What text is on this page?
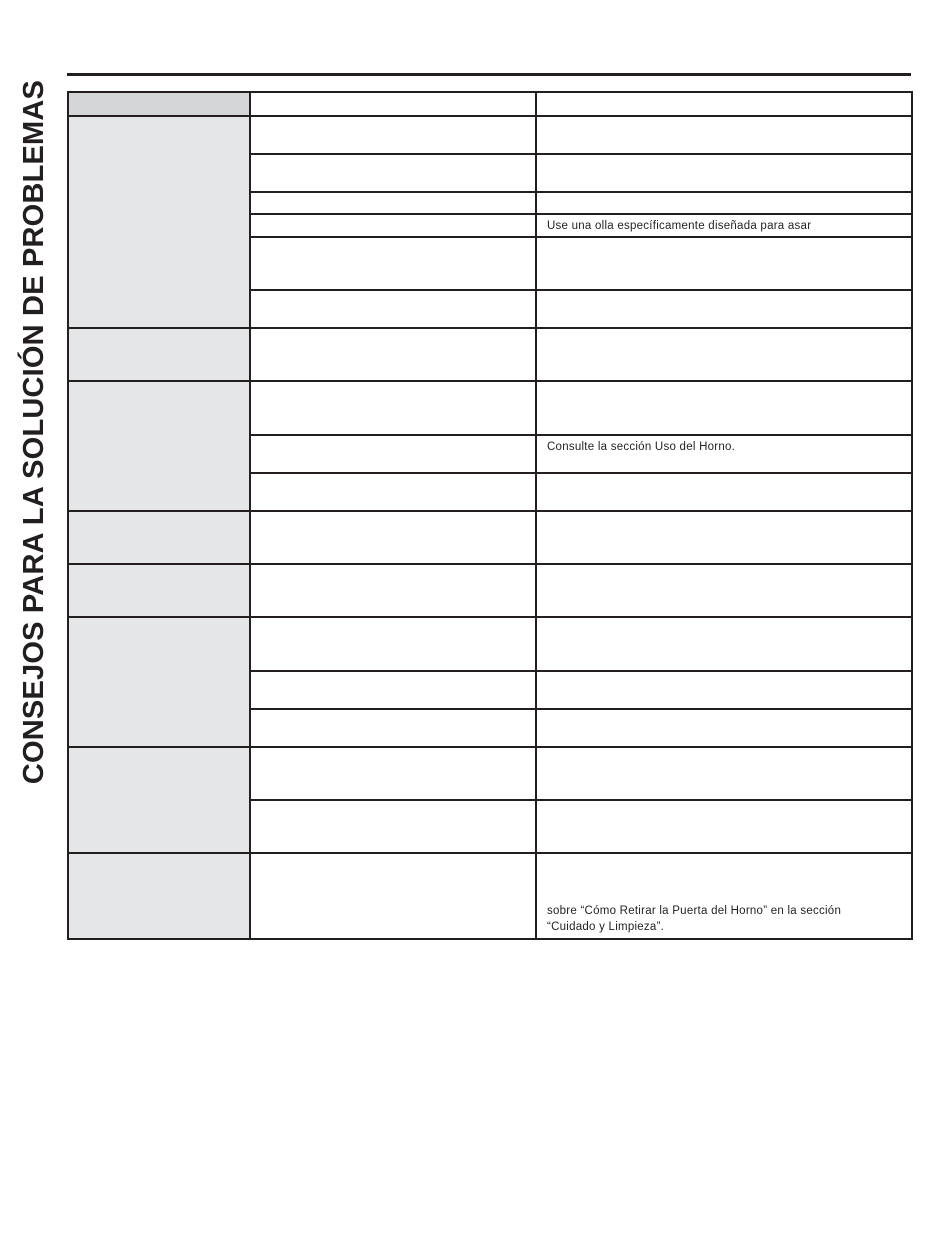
CONSEJOS PARA LA SOLUCIÓN DE PROBLEMAS

		Use una olla específicamente diseñada para asar

		Consulte la sección Uso del Horno.

		sobre “Cómo Retirar la Puerta del Horno” en la sección
“Cuidado y Limpieza”.
